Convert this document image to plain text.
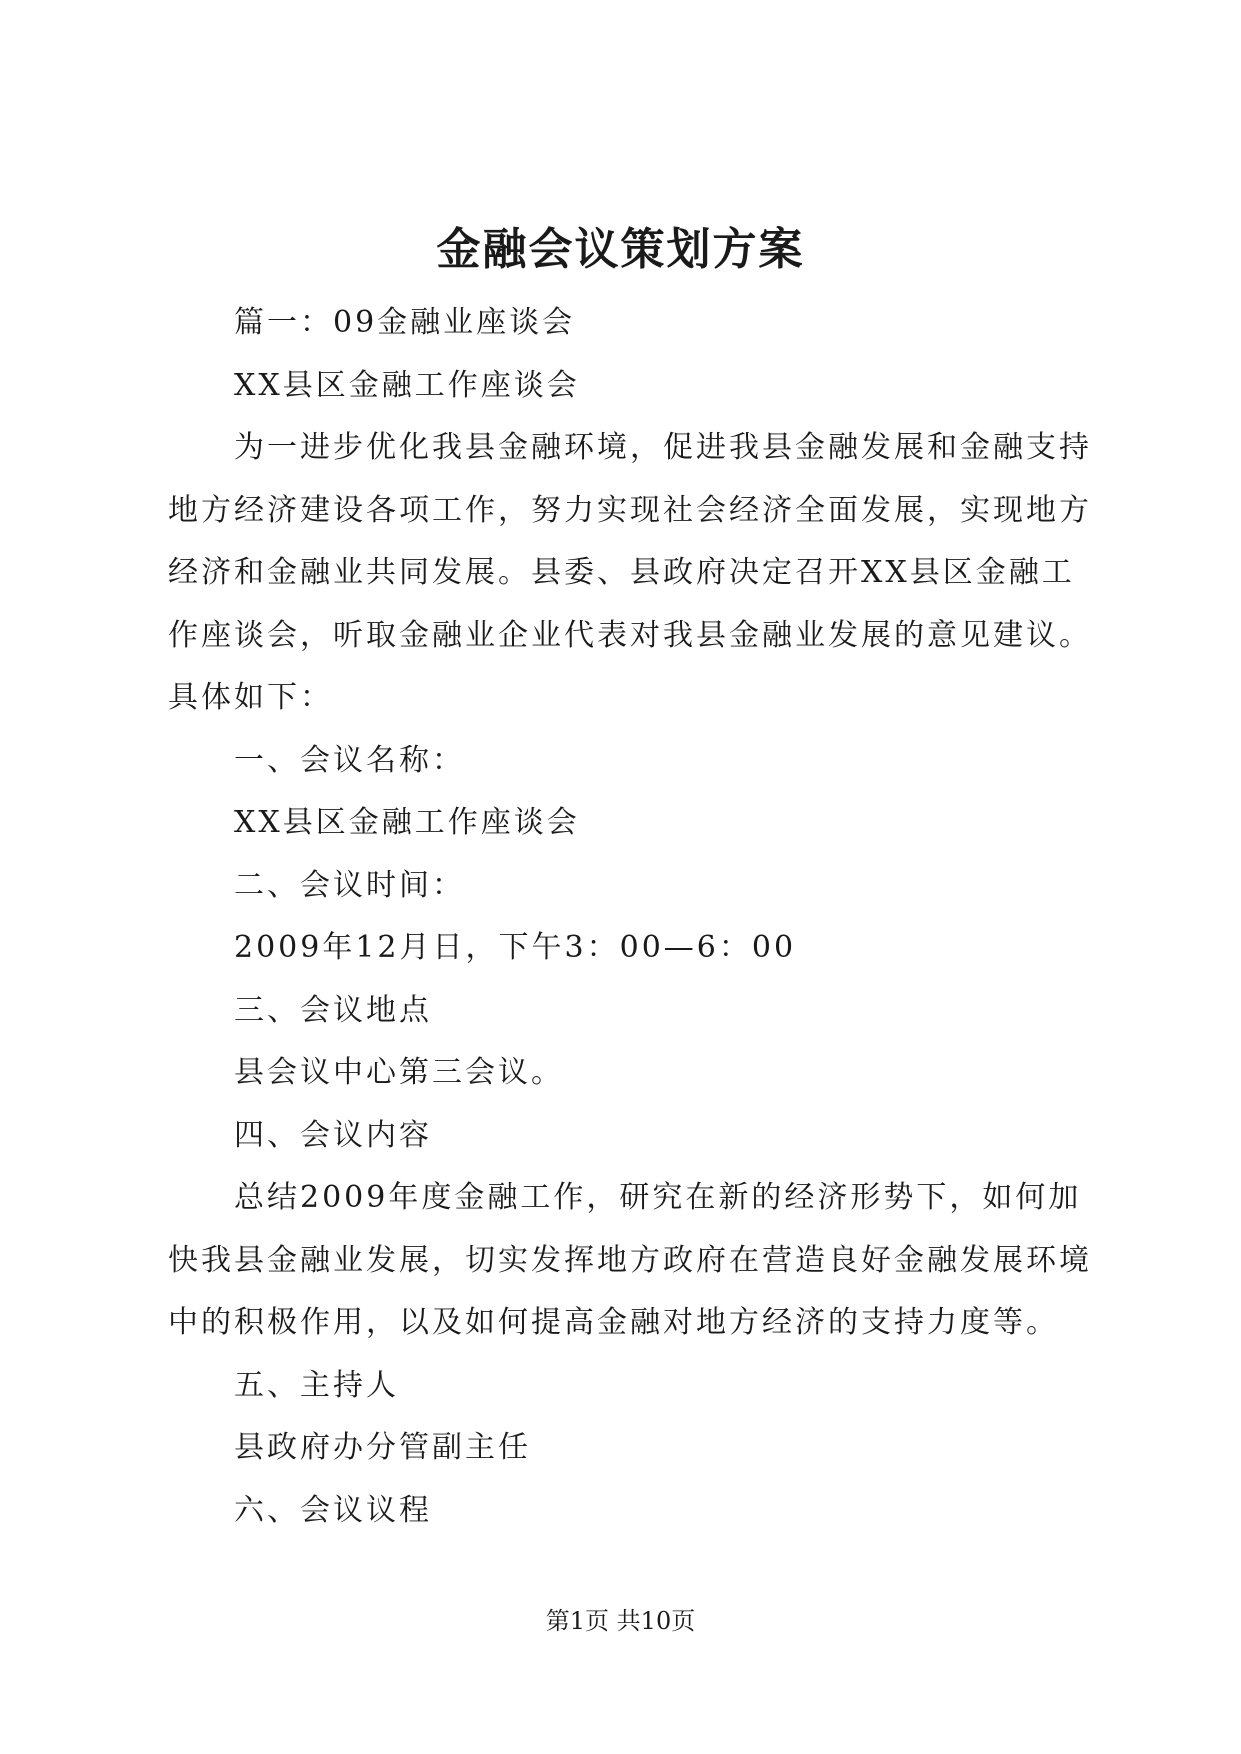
金融会议策划方案

篇一：09金融业座谈会

XX县区金融工作座谈会

为一进步优化我县金融环境，促进我县金融发展和金融支持

地方经济建设各项工作，努力实现社会经济全面发展，实现地方

经济和金融业共同发展。县委、县政府决定召开XX县区金融工

作座谈会，听取金融业企业代表对我县金融业发展的意见建议。

具体如下：

一、会议名称：

XX县区金融工作座谈会

二、会议时间：

2009年12月日，下午3：00—6：00

三、会议地点

县会议中心第三会议。

四、会议内容

总结2009年度金融工作，研究在新的经济形势下，如何加

快我县金融业发展，切实发挥地方政府在营造良好金融发展环境

中的积极作用，以及如何提高金融对地方经济的支持力度等。

五、主持人

县政府办分管副主任

六、会议议程

第1页 共10页
